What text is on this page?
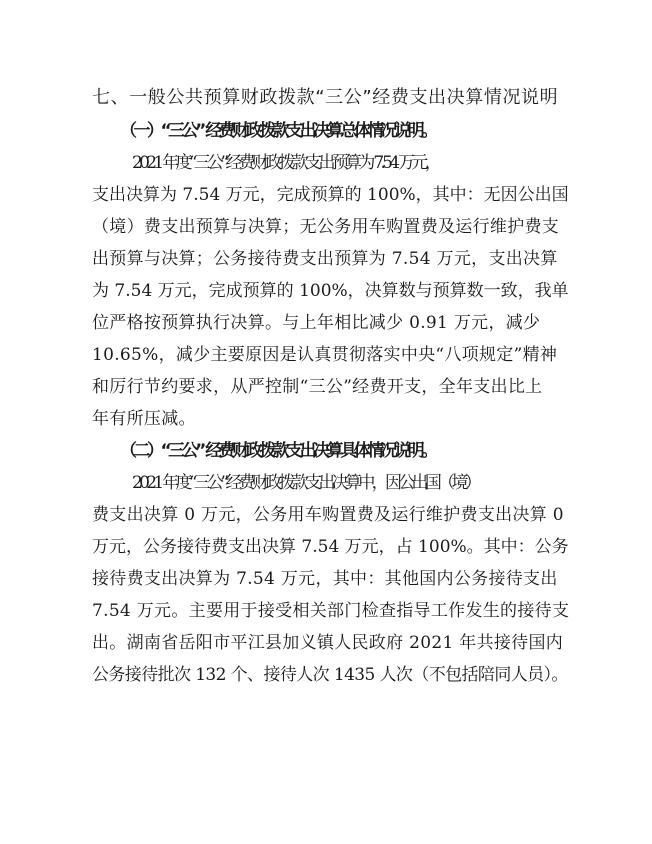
七、一般公共预算财政拨款“三公”经费支出决算情况说明
（一）“三公” 经费财政拨款支出决算总体情况说明。
2021 年度“三公”经费财政拨款支出预算为 7.54 万元，
支出决算为 7.54 万元，完成预算的 100%，其中：无因公出国
（境）费支出预算与决算；无公务用车购置费及运行维护费支
出预算与决算；公务接待费支出预算为 7.54 万元，支出决算
为 7.54 万元，完成预算的 100%，决算数与预算数一致，我单
位严格按预算执行决算。与上年相比减少 0.91 万元，减少
10.65%，减少主要原因是认真贯彻落实中央“八项规定”精神
和厉行节约要求，从严控制“三公”经费开支，全年支出比上
年有所压减。
（二）“三公” 经费财政拨款支出决算具体情况说明。
2021 年度“三公”经费财政拨款支出决算中，因公出国（境）
费支出决算 0 万元，公务用车购置费及运行维护费支出决算 0
万元，公务接待费支出决算 7.54 万元，占 100%。其中：公务
接待费支出决算为 7.54 万元，其中：其他国内公务接待支出
7.54 万元。主要用于接受相关部门检查指导工作发生的接待支
出。湖南省岳阳市平江县加义镇人民政府 2021 年共接待国内
公务接待批次 132 个、接待人次 1435 人次（不包括陪同人员）。
